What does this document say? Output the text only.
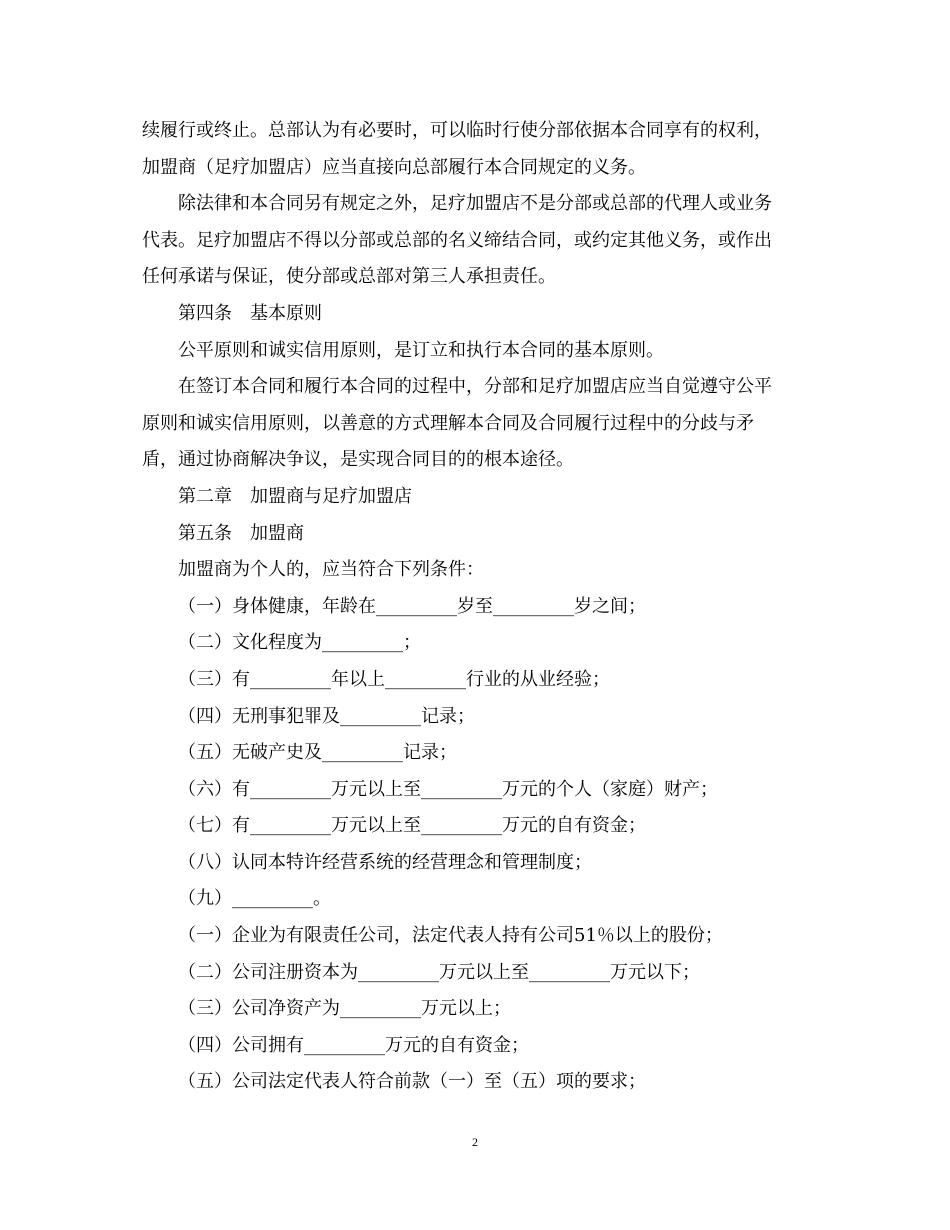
续履行或终止。总部认为有必要时，可以临时行使分部依据本合同享有的权利，
加盟商（足疗加盟店）应当直接向总部履行本合同规定的义务。
除法律和本合同另有规定之外，足疗加盟店不是分部或总部的代理人或业务
代表。足疗加盟店不得以分部或总部的名义缔结合同，或约定其他义务，或作出
任何承诺与保证，使分部或总部对第三人承担责任。
第四条　基本原则
公平原则和诚实信用原则，是订立和执行本合同的基本原则。
在签订本合同和履行本合同的过程中，分部和足疗加盟店应当自觉遵守公平
原则和诚实信用原则，以善意的方式理解本合同及合同履行过程中的分歧与矛
盾，通过协商解决争议，是实现合同目的的根本途径。
第二章　加盟商与足疗加盟店
第五条　加盟商
加盟商为个人的，应当符合下列条件：
（一）身体健康，年龄在_________岁至_________岁之间；
（二）文化程度为_________；
（三）有_________年以上_________行业的从业经验；
（四）无刑事犯罪及_________记录；
（五）无破产史及_________记录；
（六）有_________万元以上至_________万元的个人（家庭）财产；
（七）有_________万元以上至_________万元的自有资金；
（八）认同本特许经营系统的经营理念和管理制度；
（九）_________。
（一）企业为有限责任公司，法定代表人持有公司51％以上的股份；
（二）公司注册资本为_________万元以上至_________万元以下；
（三）公司净资产为_________万元以上；
（四）公司拥有_________万元的自有资金；
（五）公司法定代表人符合前款（一）至（五）项的要求；
2
